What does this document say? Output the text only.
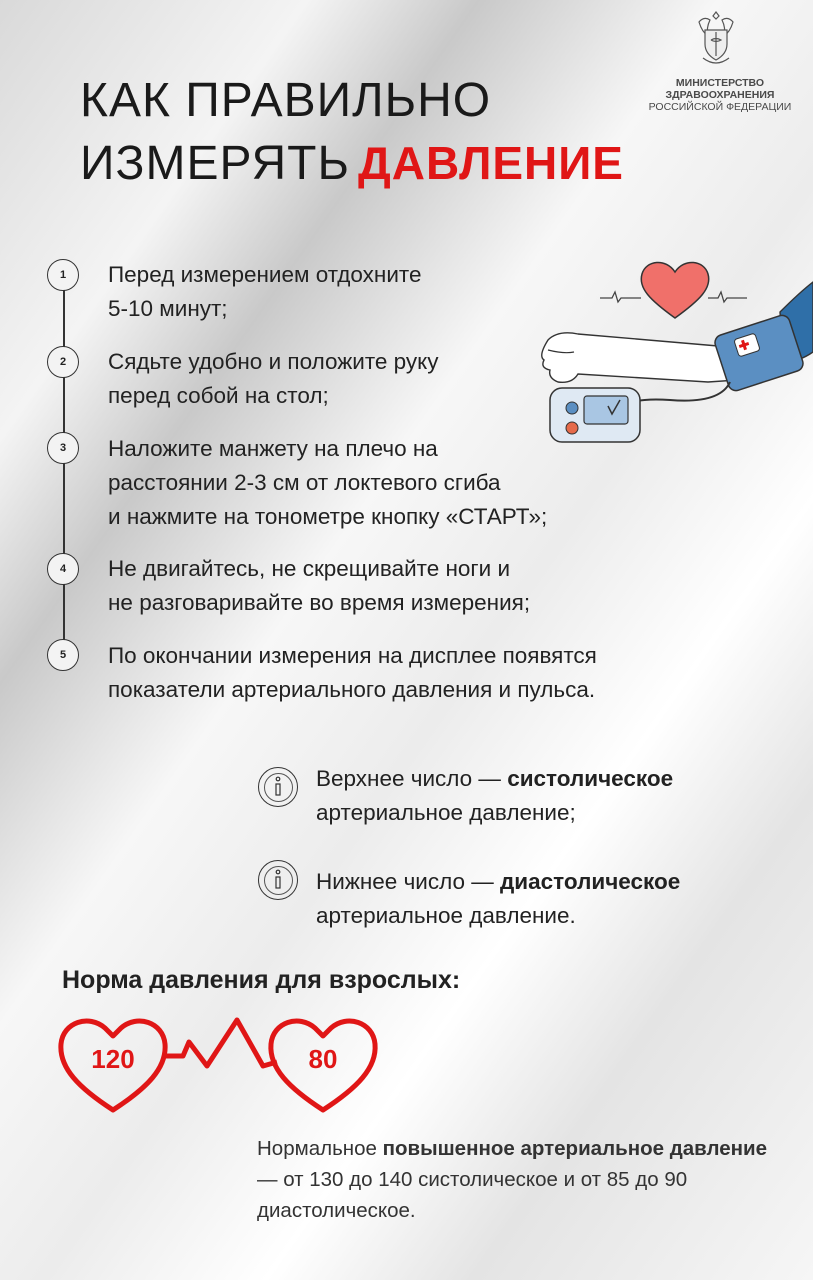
МИНИСТЕРСТВО
ЗДРАВООХРАНЕНИЯ
РОССИЙСКОЙ ФЕДЕРАЦИИ
КАК ПРАВИЛЬНО
ИЗМЕРЯТЬ ДАВЛЕНИЕ
1	Перед измерением отдохните
5-10 минут;
2	Сядьте удобно и положите руку
перед собой на стол;
3	Наложите манжету на плечо на
расстоянии 2-3 см от локтевого сгиба
и нажмите на тонометре кнопку «СТАРТ»;
4	Не двигайтесь, не скрещивайте ноги и
не разговаривайте во время измерения;
5	По окончании измерения на дисплее появятся
показатели артериального давления и пульса.
Верхнее число — систолическое
артериальное давление;
Нижнее число — диастолическое
артериальное давление.
Норма давления для взрослых:
120	80
Нормальное повышенное артериальное давление — от 130 до 140 систолическое и от 85 до 90 диастолическое.
